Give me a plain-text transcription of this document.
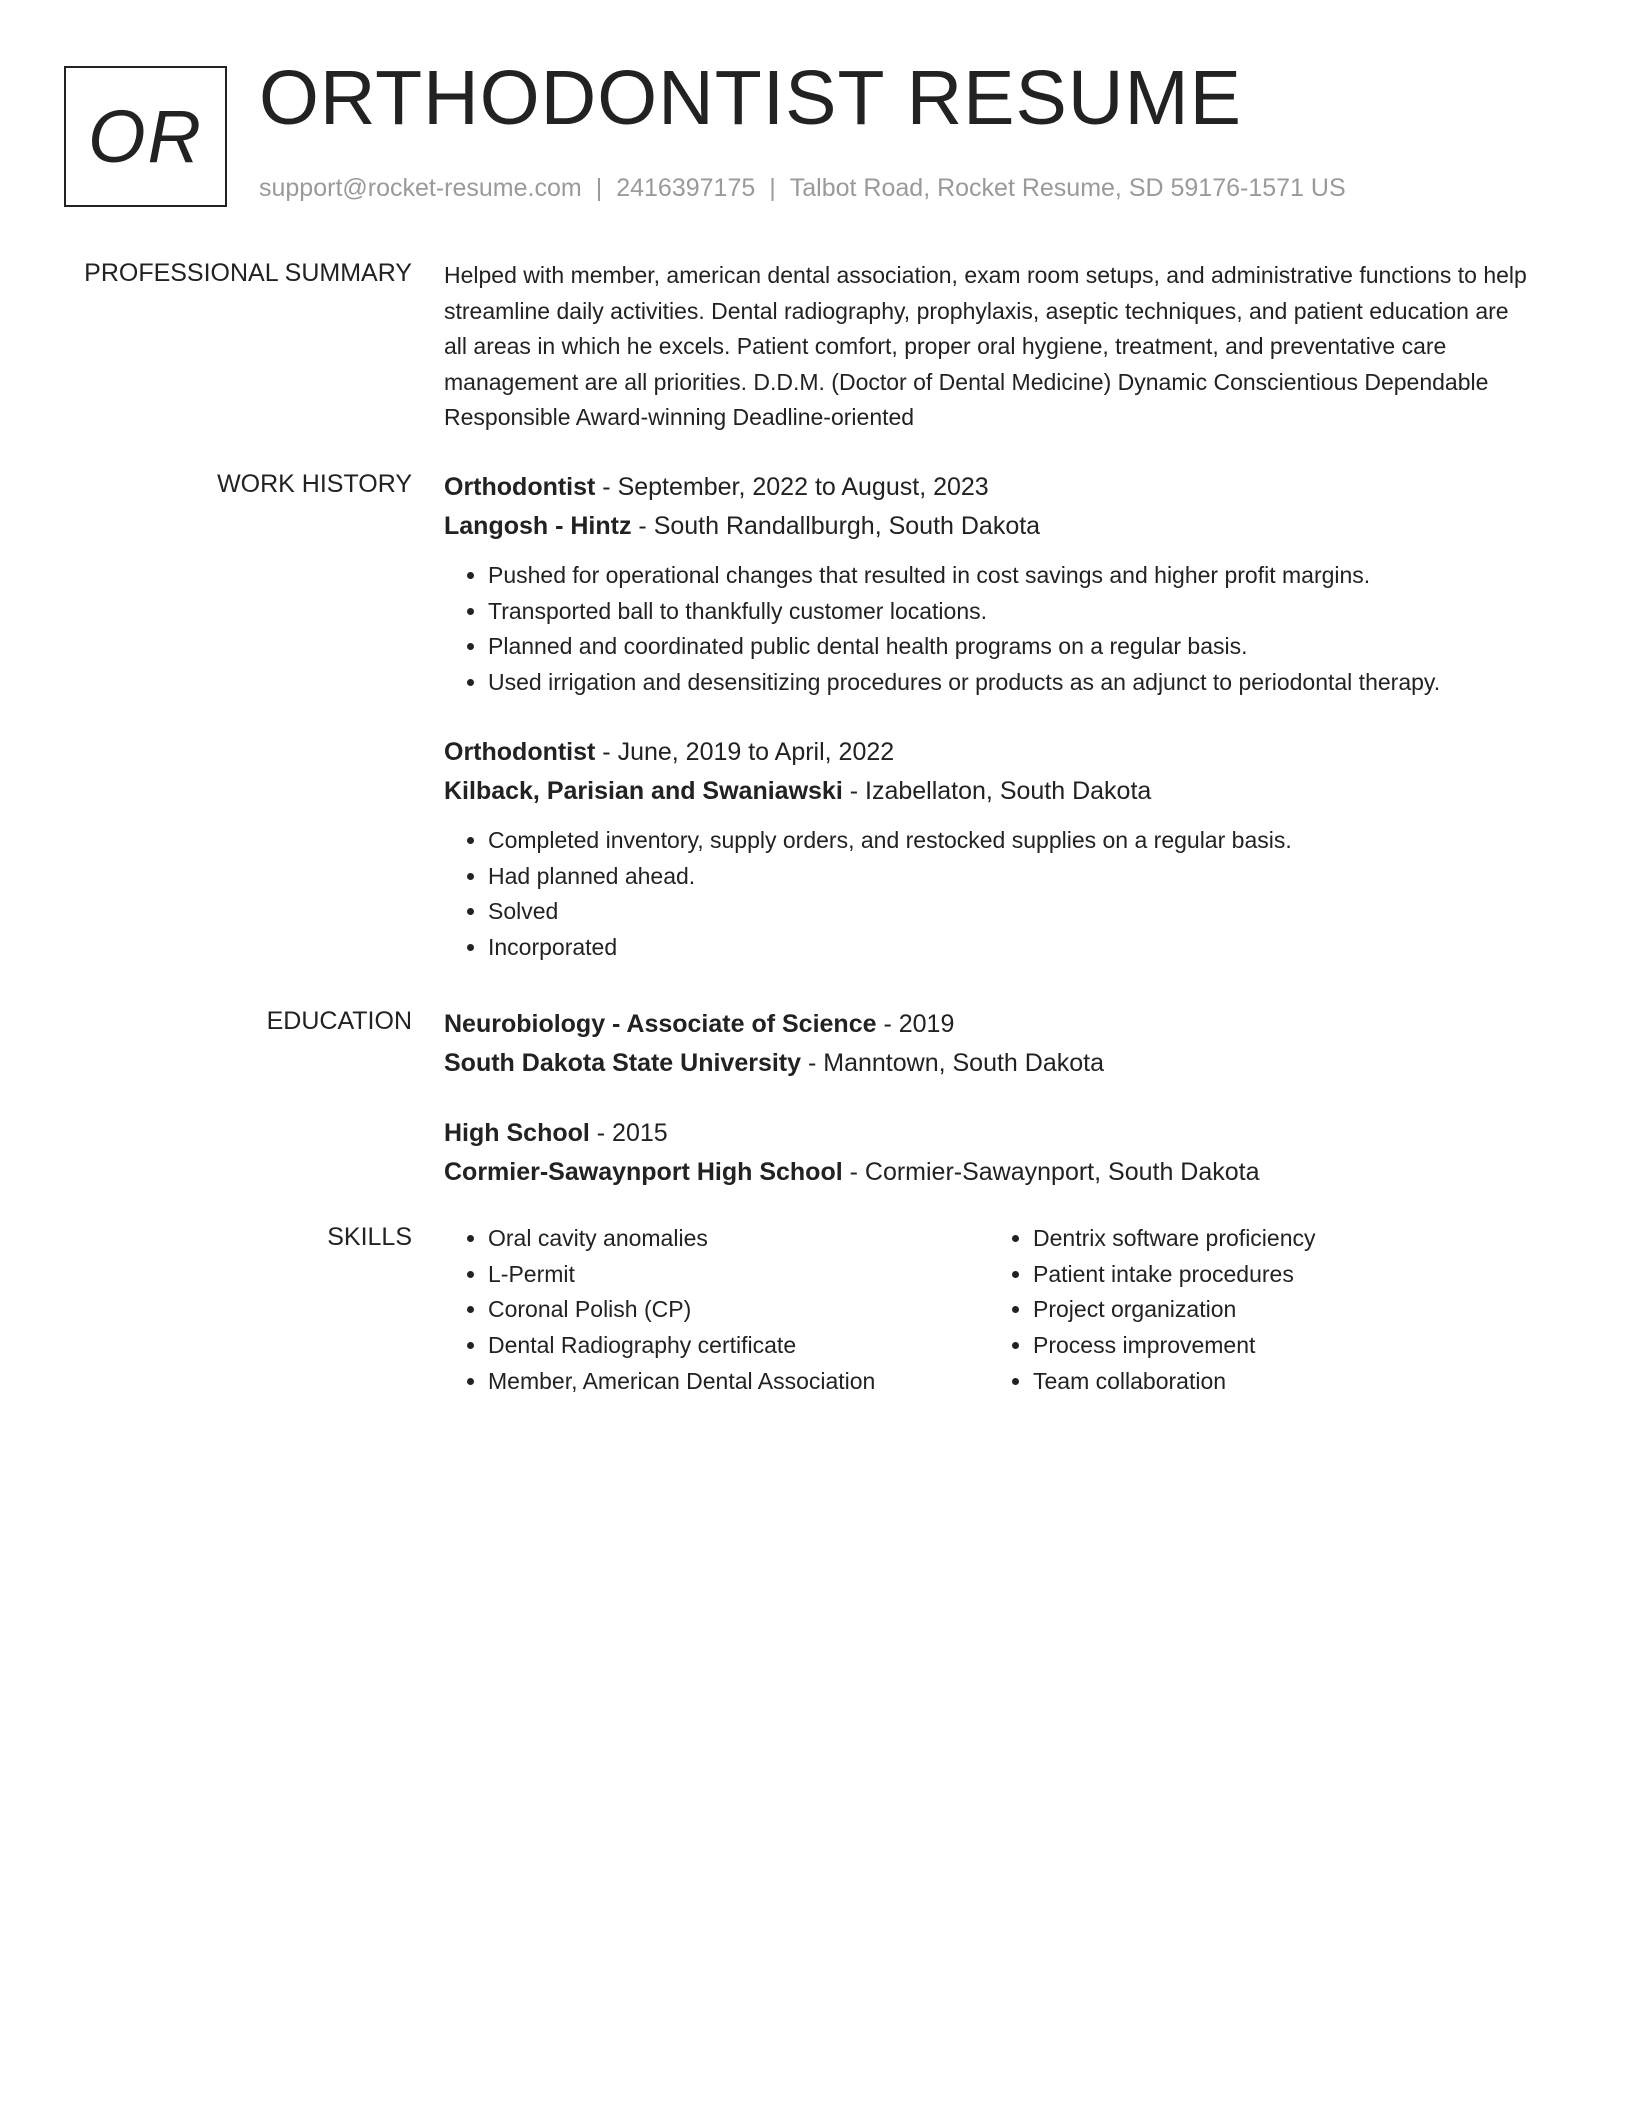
OR ORTHODONTIST RESUME
support@rocket-resume.com | 2416397175 | Talbot Road, Rocket Resume, SD 59176-1571 US
PROFESSIONAL SUMMARY Helped with member, american dental association, exam room setups, and administrative functions to help streamline daily activities. Dental radiography, prophylaxis, aseptic techniques, and patient education are all areas in which he excels. Patient comfort, proper oral hygiene, treatment, and preventative care management are all priorities. D.D.M. (Doctor of Dental Medicine) Dynamic Conscientious Dependable Responsible Award-winning Deadline-oriented

WORK HISTORY Orthodontist - September, 2022 to August, 2023
Langosh - Hintz - South Randallburgh, South Dakota
• Pushed for operational changes that resulted in cost savings and higher profit margins.
• Transported ball to thankfully customer locations.
• Planned and coordinated public dental health programs on a regular basis.
• Used irrigation and desensitizing procedures or products as an adjunct to periodontal therapy.
Orthodontist - June, 2019 to April, 2022
Kilback, Parisian and Swaniawski - Izabellaton, South Dakota
• Completed inventory, supply orders, and restocked supplies on a regular basis.
• Had planned ahead.
• Solved
• Incorporated
EDUCATION Neurobiology - Associate of Science - 2019
South Dakota State University - Manntown, South Dakota
High School - 2015
Cormier-Sawaynport High School - Cormier-Sawaynport, South Dakota
SKILLS
•	Oral cavity anomalies
• L-Permit
• Coronal Polish (CP)
• Dental Radiography certificate
• Member, American Dental Association
• Dentrix software proficiency
• Patient intake procedures
• Project organization
• Process improvement
• Team collaboration
